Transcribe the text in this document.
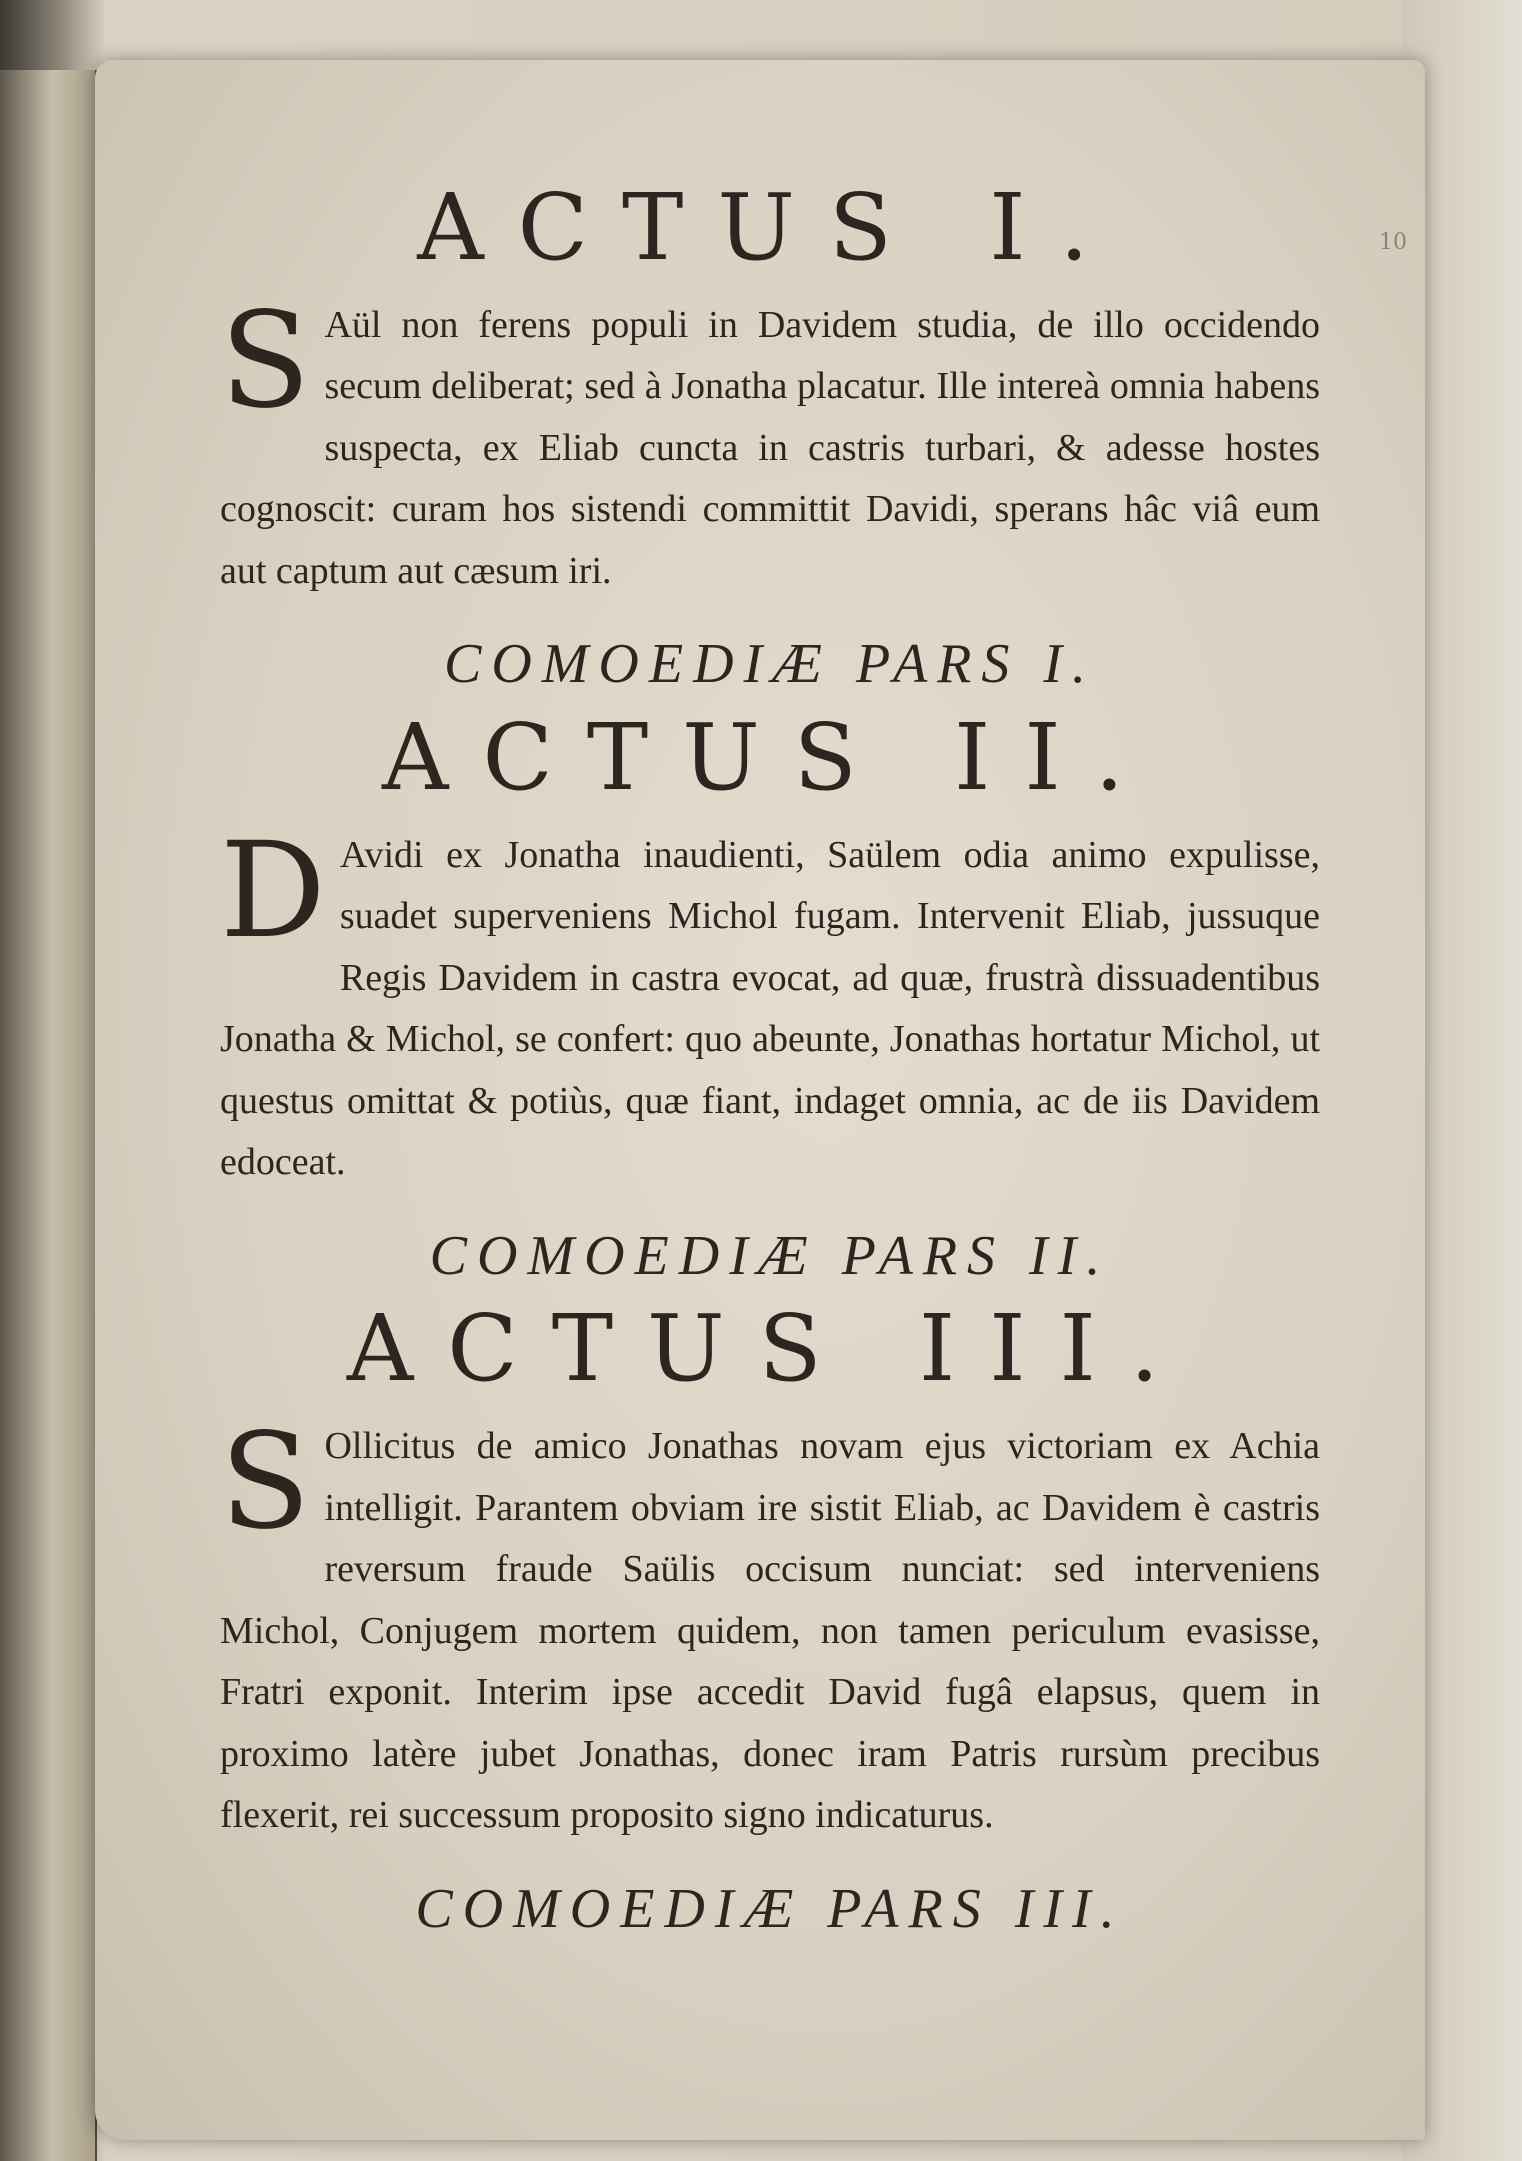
10
ACTUS I.

S Aül non ferens populi in Davidem studia, de illo occidendo secum deliberat; sed à Jonatha placatur. Ille intereà omnia habens suspecta, ex Eliab cuncta in castris turbari, & adesse hostes cognoscit: curam hos sistendi committit Davidi, sperans hâc viâ eum aut captum aut cæsum iri.

COMOEDIÆ PARS I.
ACTUS II.

D Avidi ex Jonatha inaudienti, Saülem odia animo expulisse, suadet superveniens Michol fugam. Intervenit Eliab, jussuque Regis Davidem in castra evocat, ad quæ, frustrà dissuadentibus Jonatha & Michol, se confert: quo abeunte, Jonathas hortatur Michol, ut questus omittat & potiùs, quæ fiant, indaget omnia, ac de iis Davidem edoceat.

COMOEDIÆ PARS II.
ACTUS III.

S Ollicitus de amico Jonathas novam ejus victoriam ex Achia intelligit. Parantem obviam ire sistit Eliab, ac Davidem è castris reversum fraude Saülis occisum nunciat: sed interveniens Michol, Conjugem mortem quidem, non tamen periculum evasisse, Fratri exponit. Interim ipse accedit David fugâ elapsus, quem in proximo latère jubet Jonathas, donec iram Patris rursùm precibus flexerit, rei successum proposito signo indicaturus.

COMOEDIÆ PARS III.
